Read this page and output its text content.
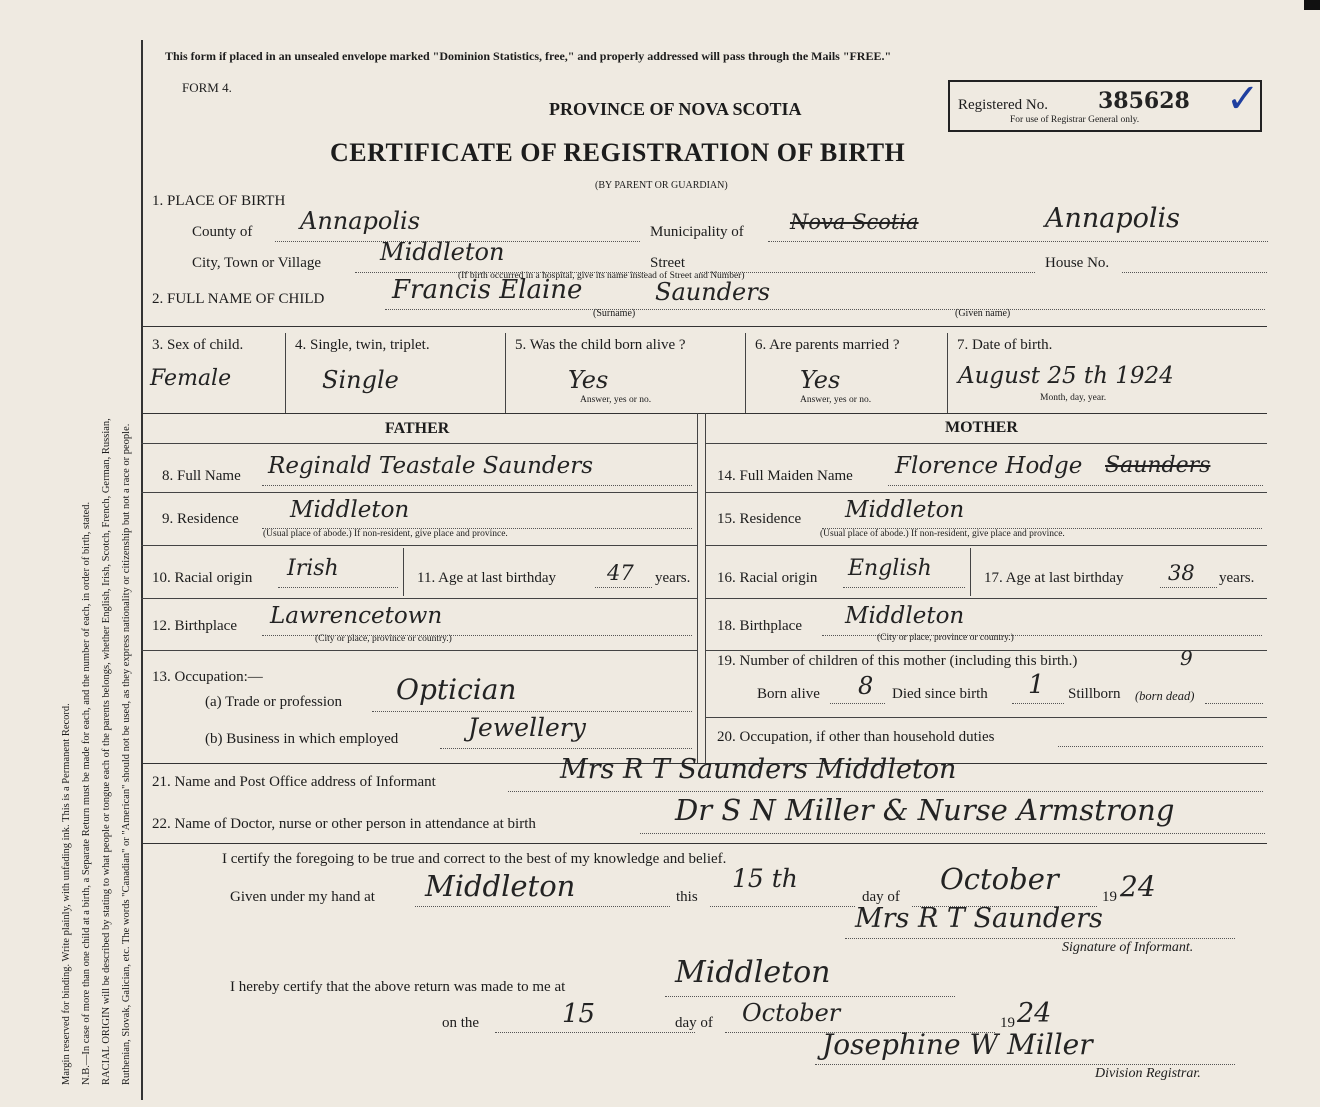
Margin reserved for binding. Write plainly, with unfading ink. This is a Permanent Record. N.B.—In case of more than one child at a birth, a Separate Return must be made for each, and the number of each, in order of birth, stated. RACIAL ORIGIN will be described by stating to what people or tongue each of the parents belongs, whether English, Irish, Scotch, French, German, Russian, Ruthenian, Slovak, Galician, etc. The words "Canadian" or "American" should not be used, as they express nationality or citizenship but not a race or people.
This form if placed in an unsealed envelope marked "Dominion Statistics, free," and properly addressed will pass through the Mails "FREE."
FORM 4.
PROVINCE OF NOVA SCOTIA
CERTIFICATE OF REGISTRATION OF BIRTH
(BY PARENT OR GUARDIAN)
Registered No. 385628
For use of Registrar General only. ✓
1. PLACE OF BIRTH
County of Annapolis	Municipality of Nova Scotia	Annapolis
City, Town or Village Middleton	Street	House No.
(If birth occurred in a hospital, give its name instead of Street and Number)
2. FULL NAME OF CHILD	Francis Elaine	Saunders
(Surname)	(Given name)
3. Sex of child.
Female
4. Single, twin, triplet.
Single
5. Was the child born alive ?
Yes
Answer, yes or no.
6. Are parents married ?
Yes
Answer, yes or no.
7. Date of birth.
August 25 th 1924
Month, day, year.
FATHER	MOTHER
8. Full Name Reginald Teastale Saunders
9. Residence Middleton
(Usual place of abode.) If non-resident, give place and province.
10. Racial origin Irish	11. Age at last birthday 47 years.
12. Birthplace Lawrencetown
(City or place, province or country.)
13. Occupation:—
(a) Trade or profession Optician
(b) Business in which employed	Jewellery
14. Full Maiden Name Florence Hodge Saunders
15. Residence Middleton
(Usual place of abode.) If non-resident, give place and province.
16. Racial origin English	17. Age at last birthday 38 years.
18. Birthplace Middleton
(City or place, province or country.)
19. Number of children of this mother (including this birth.)	9
Born alive 8 Died since birth 1 Stillborn (born dead)
20. Occupation, if other than household duties
21. Name and Post Office address of Informant	Mrs R T Saunders Middleton
22. Name of Doctor, nurse or other person in attendance at birth	Dr S N Miller & Nurse Armstrong
I certify the foregoing to be true and correct to the best of my knowledge and belief.
Given under my hand at Middleton	this
15 th
day of
October
19 24
Mrs R T Saunders
Signature of Informant.
I hereby certify that the above return was made to me at	Middleton
on the	15	day of October	19 24
Josephine W Miller
Division Registrar.
